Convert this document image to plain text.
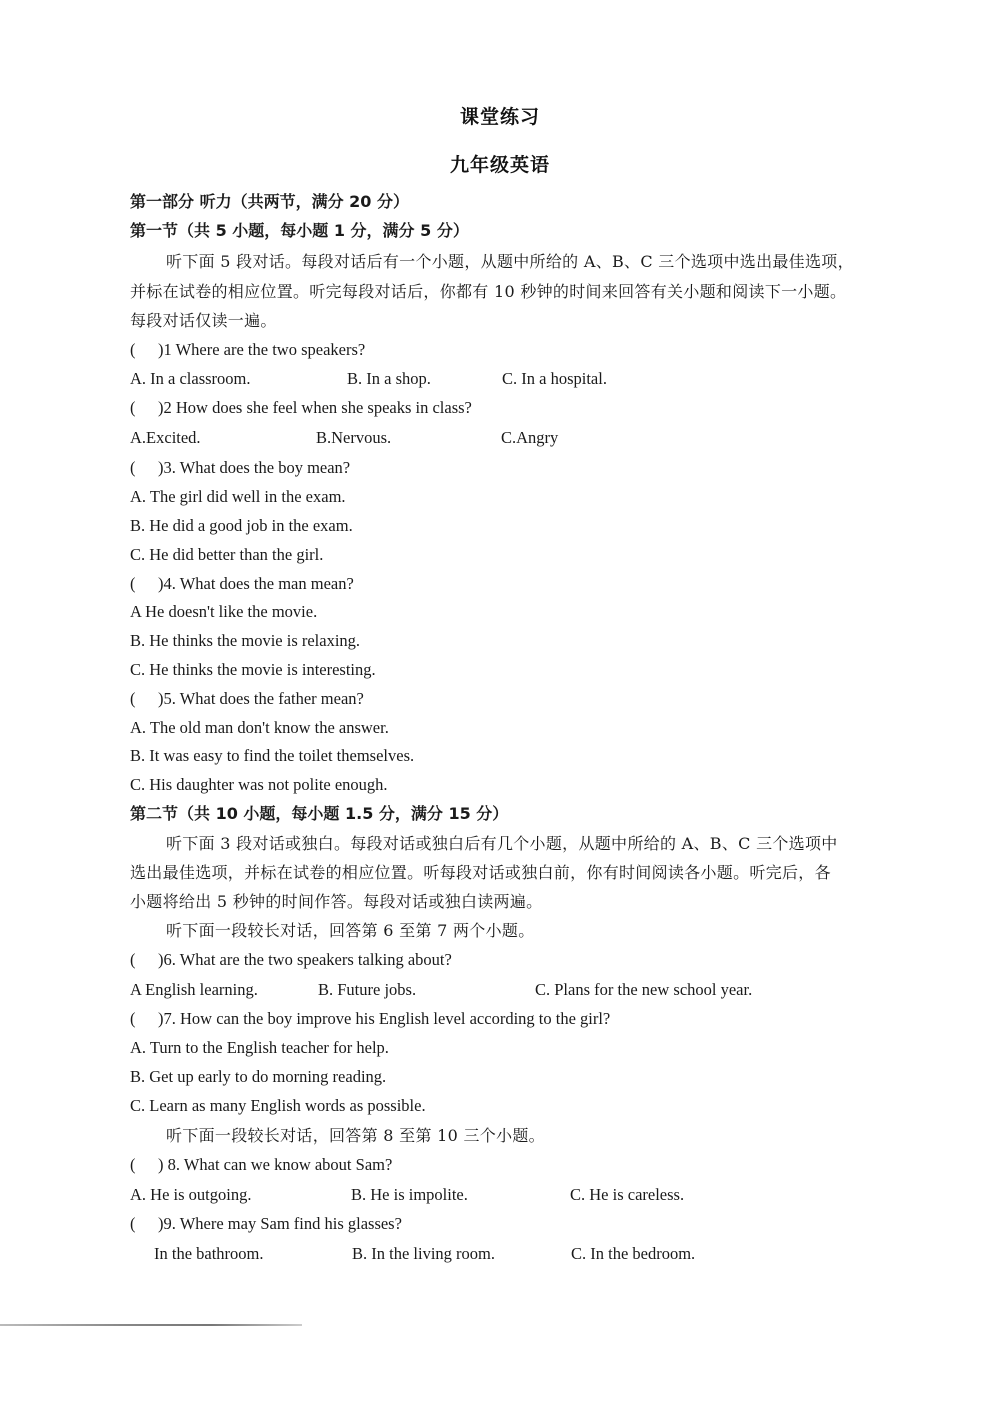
课堂练习
九年级英语
第一部分 听力（共两节，满分 20 分）
第一节（共 5 小题，每小题 1 分，满分 5 分）
听下面 5 段对话。每段对话后有一个小题，从题中所给的 A、B、C 三个选项中选出最佳选项，
并标在试卷的相应位置。听完每段对话后，你都有 10 秒钟的时间来回答有关小题和阅读下一小题。
每段对话仅读一遍。
( )1 Where are the two speakers?
A. In a classroom.	B. In a shop.	C. In a hospital.
( )2 How does she feel when she speaks in class?
A.Excited.	B.Nervous.	C.Angry
( )3. What does the boy mean?
A. The girl did well in the exam.
B. He did a good job in the exam.
C. He did better than the girl.
( )4. What does the man mean?
A He doesn't like the movie.
B. He thinks the movie is relaxing.
C. He thinks the movie is interesting.
( )5. What does the father mean?
A. The old man don't know the answer.
B. It was easy to find the toilet themselves.
C. His daughter was not polite enough.
第二节（共 10 小题，每小题 1.5 分，满分 15 分）
听下面 3 段对话或独白。每段对话或独白后有几个小题，从题中所给的 A、B、C 三个选项中
选出最佳选项，并标在试卷的相应位置。听每段对话或独白前，你有时间阅读各小题。听完后，各
小题将给出 5 秒钟的时间作答。每段对话或独白读两遍。
听下面一段较长对话，回答第 6 至第 7 两个小题。
( )6. What are the two speakers talking about?
A English learning.	B. Future jobs.	C. Plans for the new school year.
( )7. How can the boy improve his English level according to the girl?
A. Turn to the English teacher for help.
B. Get up early to do morning reading.
C. Learn as many English words as possible.
听下面一段较长对话，回答第 8 至第 10 三个小题。
( ) 8. What can we know about Sam?
A. He is outgoing.	B. He is impolite.	C. He is careless.
( )9. Where may Sam find his glasses?
In the bathroom.	B. In the living room.	C. In the bedroom.
